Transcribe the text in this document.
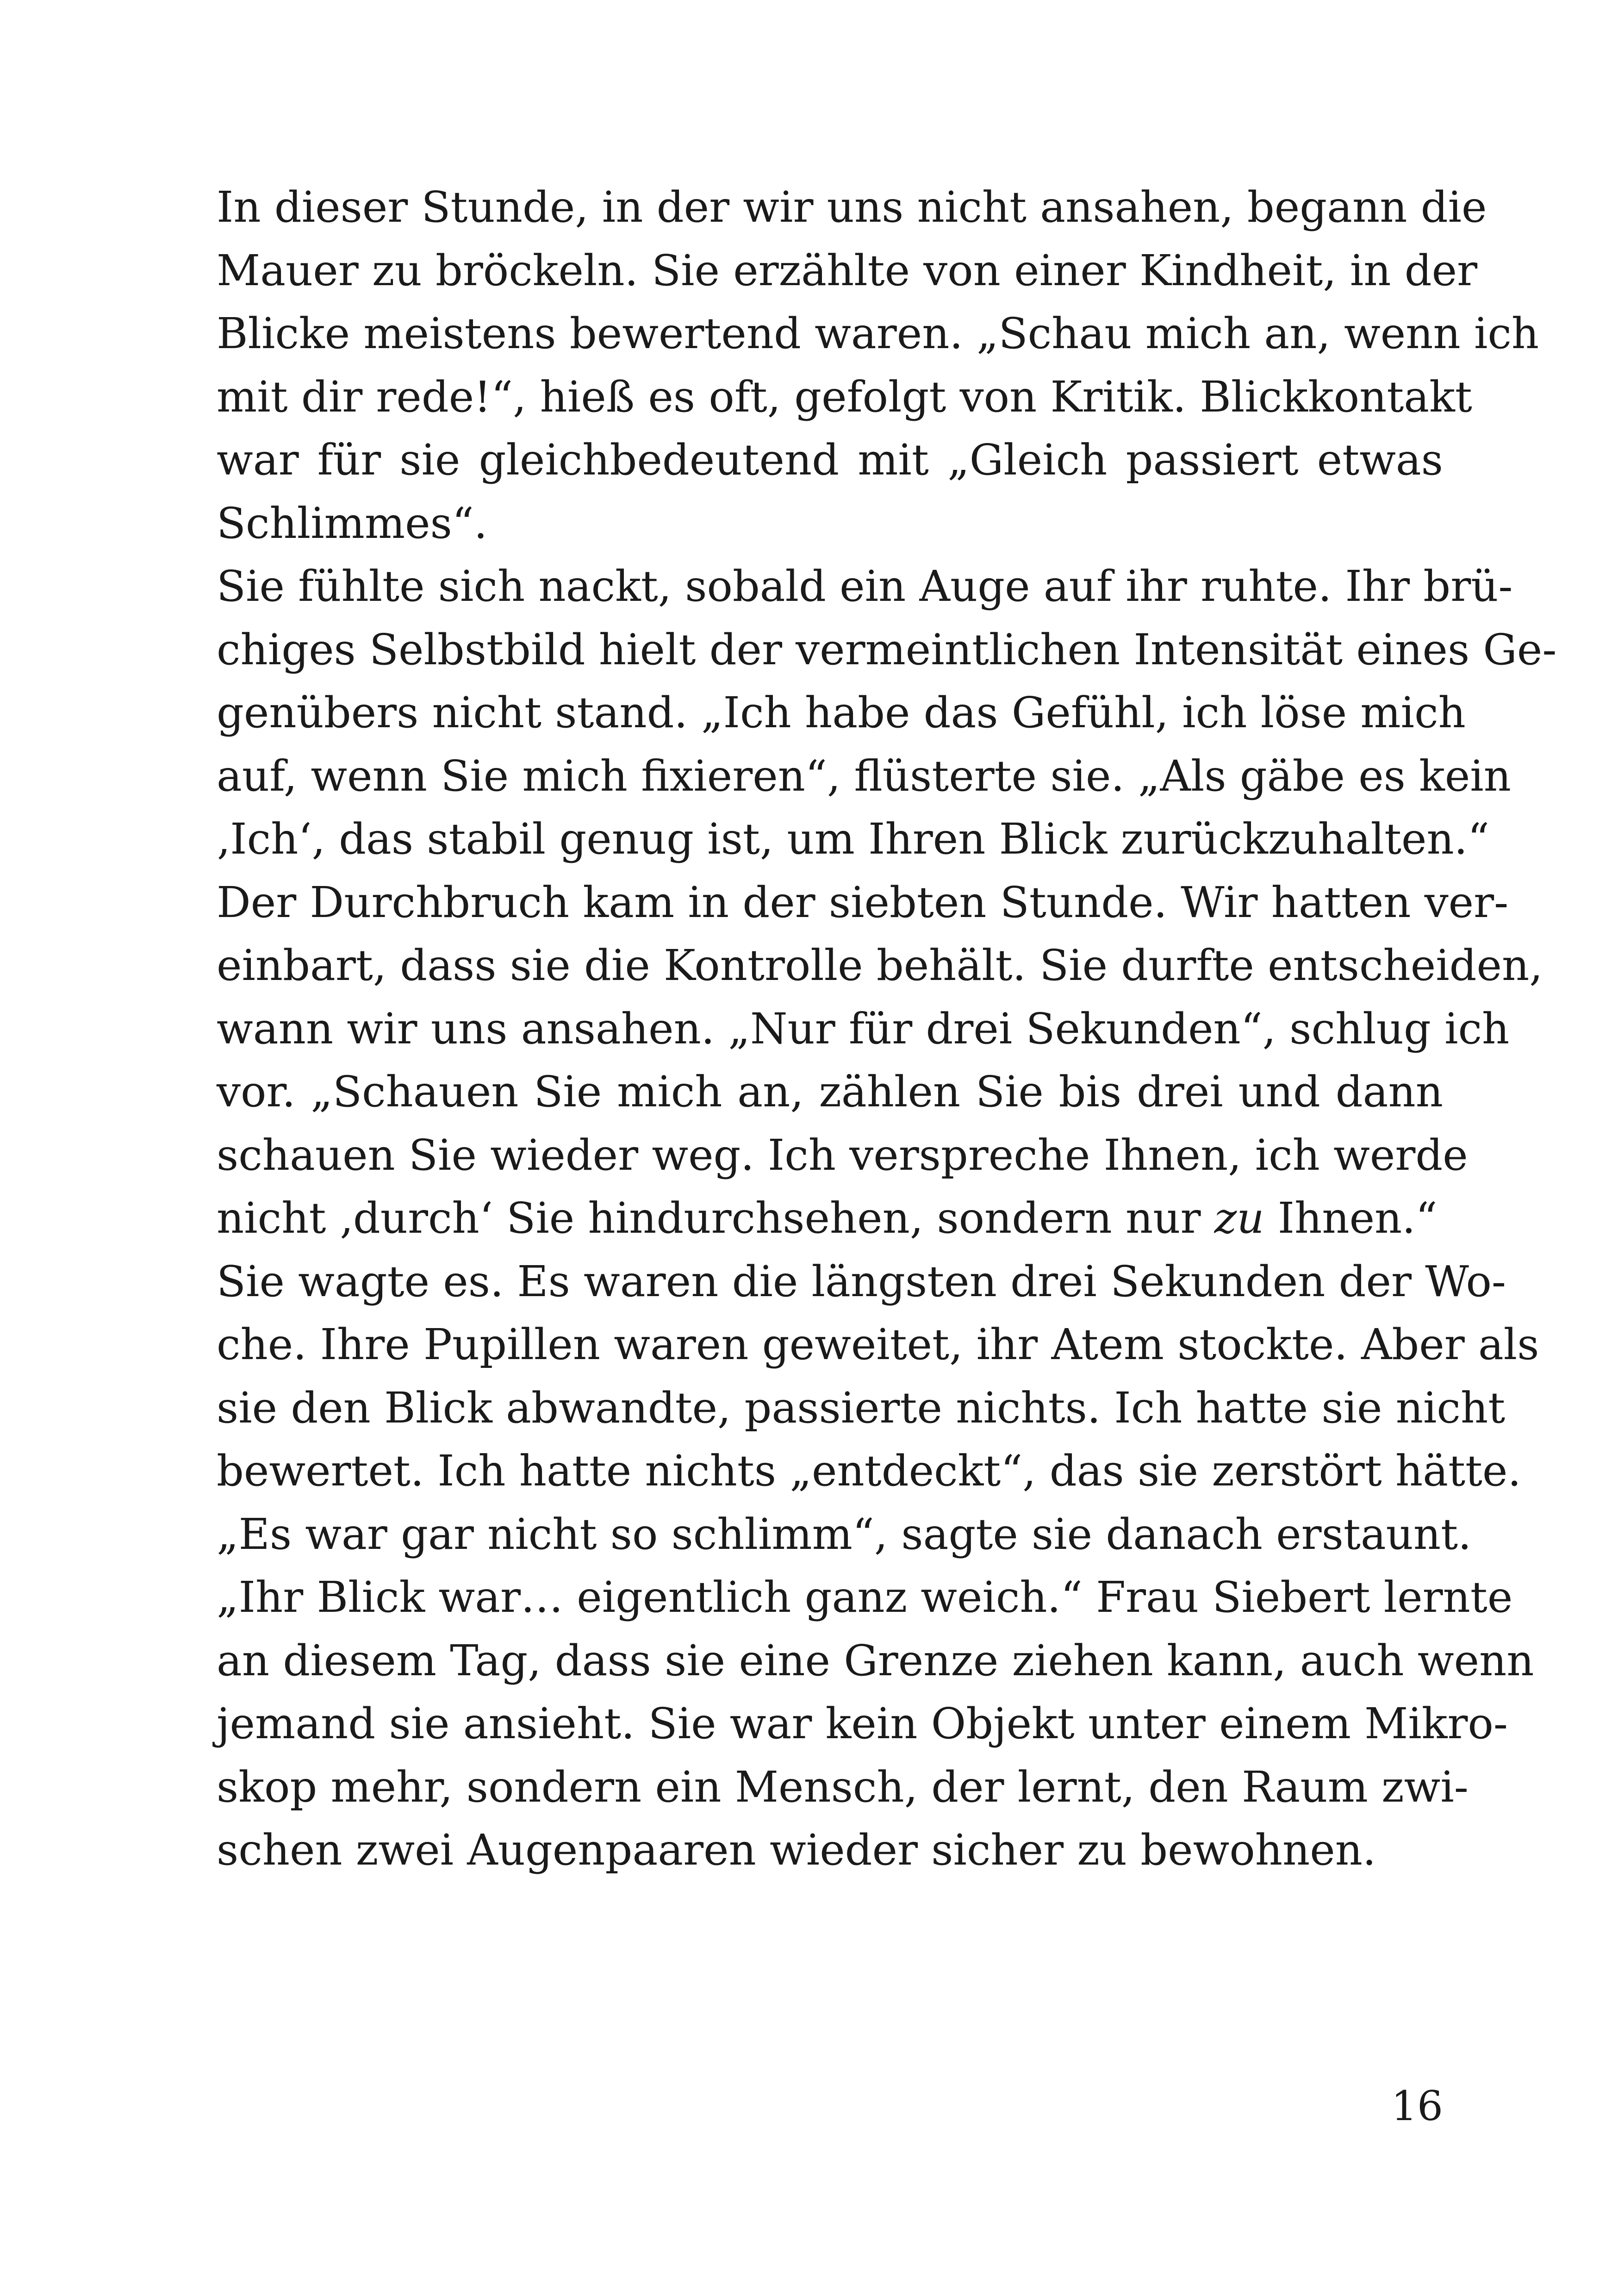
In dieser Stunde, in der wir uns nicht ansahen, begann die
Mauer zu bröckeln. Sie erzählte von einer Kindheit, in der
Blicke meistens bewertend waren. „Schau mich an, wenn ich
mit dir rede!“, hieß es oft, gefolgt von Kritik. Blickkontakt
war für sie gleichbedeutend mit „Gleich passiert etwas
Schlimmes“.
Sie fühlte sich nackt, sobald ein Auge auf ihr ruhte. Ihr brü-
chiges Selbstbild hielt der vermeintlichen Intensität eines Ge-
genübers nicht stand. „Ich habe das Gefühl, ich löse mich
auf, wenn Sie mich fixieren“, flüsterte sie. „Als gäbe es kein
‚Ich‘, das stabil genug ist, um Ihren Blick zurückzuhalten.“
Der Durchbruch kam in der siebten Stunde. Wir hatten ver-
einbart, dass sie die Kontrolle behält. Sie durfte entscheiden,
wann wir uns ansahen. „Nur für drei Sekunden“, schlug ich
vor. „Schauen Sie mich an, zählen Sie bis drei und dann
schauen Sie wieder weg. Ich verspreche Ihnen, ich werde
nicht ‚durch‘ Sie hindurchsehen, sondern nur zu Ihnen.“
Sie wagte es. Es waren die längsten drei Sekunden der Wo-
che. Ihre Pupillen waren geweitet, ihr Atem stockte. Aber als
sie den Blick abwandte, passierte nichts. Ich hatte sie nicht
bewertet. Ich hatte nichts „entdeckt“, das sie zerstört hätte.
„Es war gar nicht so schlimm“, sagte sie danach erstaunt.
„Ihr Blick war… eigentlich ganz weich.“ Frau Siebert lernte
an diesem Tag, dass sie eine Grenze ziehen kann, auch wenn
jemand sie ansieht. Sie war kein Objekt unter einem Mikro-
skop mehr, sondern ein Mensch, der lernt, den Raum zwi-
schen zwei Augenpaaren wieder sicher zu bewohnen.
16
